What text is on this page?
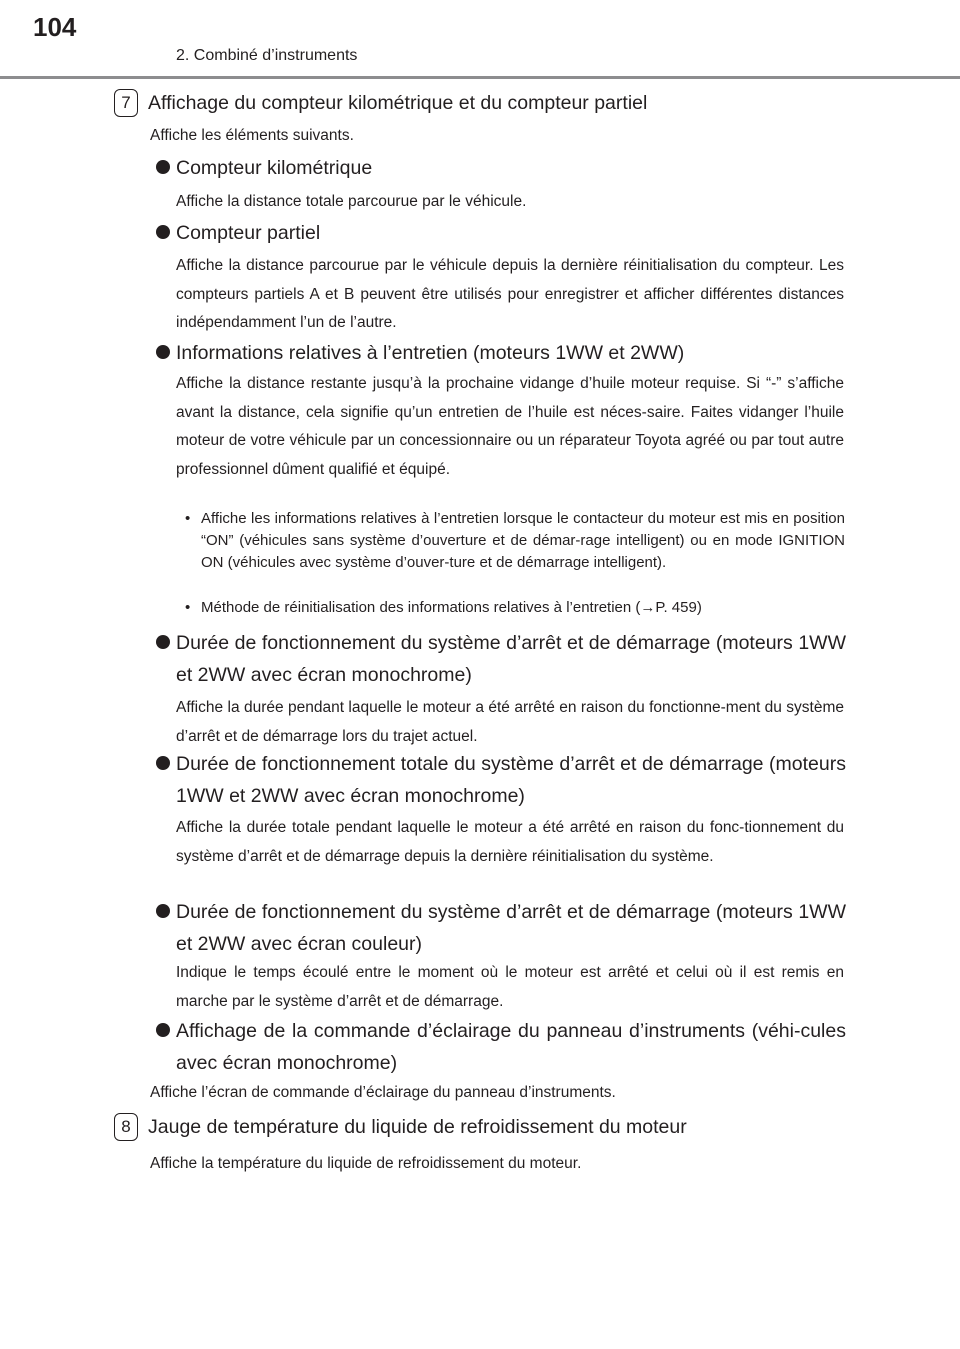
104
2. Combiné d’instruments
7 Affichage du compteur kilométrique et du compteur partiel
Affiche les éléments suivants.
Compteur kilométrique
Affiche la distance totale parcourue par le véhicule.
Compteur partiel
Affiche la distance parcourue par le véhicule depuis la dernière réinitialisation du compteur. Les compteurs partiels A et B peuvent être utilisés pour enregistrer et afficher différentes distances indépendamment l’un de l’autre.
Informations relatives à l’entretien (moteurs 1WW et 2WW)
Affiche la distance restante jusqu’à la prochaine vidange d’huile moteur requise. Si “-” s’affiche avant la distance, cela signifie qu’un entretien de l’huile est néces-saire. Faites vidanger l’huile moteur de votre véhicule par un concessionnaire ou un réparateur Toyota agréé ou par tout autre professionnel dûment qualifié et équipé.
• Affiche les informations relatives à l’entretien lorsque le contacteur du moteur est mis en position “ON” (véhicules sans système d’ouverture et de démar-rage intelligent) ou en mode IGNITION ON (véhicules avec système d’ouver-ture et de démarrage intelligent).
• Méthode de réinitialisation des informations relatives à l’entretien (→P. 459)
Durée de fonctionnement du système d’arrêt et de démarrage (moteurs 1WW et 2WW avec écran monochrome)
Affiche la durée pendant laquelle le moteur a été arrêté en raison du fonctionne-ment du système d’arrêt et de démarrage lors du trajet actuel.
Durée de fonctionnement totale du système d’arrêt et de démarrage (moteurs 1WW et 2WW avec écran monochrome)
Affiche la durée totale pendant laquelle le moteur a été arrêté en raison du fonc-tionnement du système d’arrêt et de démarrage depuis la dernière réinitialisation du système.
Durée de fonctionnement du système d’arrêt et de démarrage (moteurs 1WW et 2WW avec écran couleur)
Indique le temps écoulé entre le moment où le moteur est arrêté et celui où il est remis en marche par le système d’arrêt et de démarrage.
Affichage de la commande d’éclairage du panneau d’instruments (véhi-cules avec écran monochrome)
Affiche l’écran de commande d’éclairage du panneau d’instruments.
8 Jauge de température du liquide de refroidissement du moteur
Affiche la température du liquide de refroidissement du moteur.
